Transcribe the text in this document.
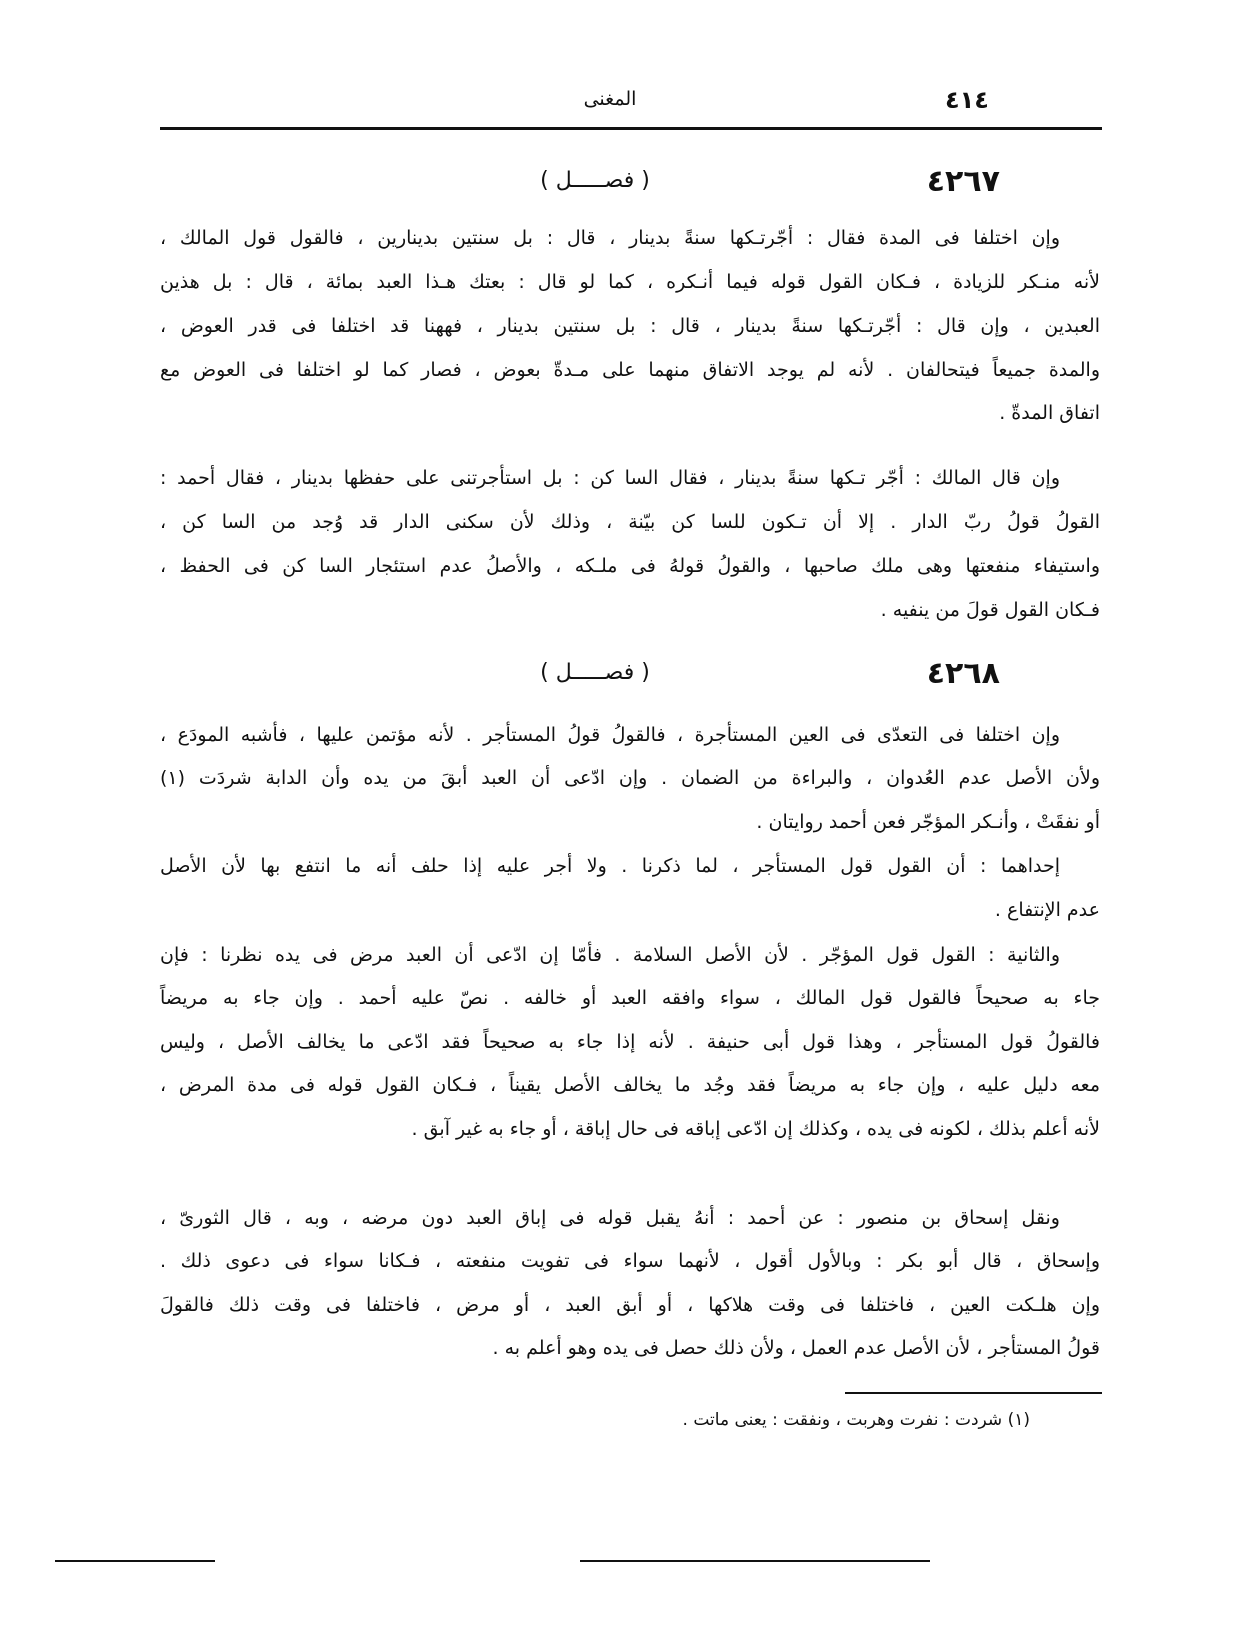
٤١٤
المغنى
٤٢٦٧
( فصـــــل )
وإن اختلفا فى المدة فقال : أجّرتـكها سنةً بدينار ، قال : بل سنتين بدينارين ، فالقول قول المالك ،
لأنه منـكر للزيادة ، فـكان القول قوله فيما أنـكره ، كما لو قال : بعتك هـذا العبد بمائة ، قال : بل هذين
العبدين ، وإن قال : أجّرتـكها سنةً بدينار ، قال : بل سنتين بدينار ، فههنا قد اختلفا فى قدر العوض ،
والمدة جميعاً فيتحالفان . لأنه لم يوجد الاتفاق منهما على مـدةّ بعوض ، فصار كما لو اختلفا فى العوض مع
اتفاق المدةّ .
وإن قال المالك : أجّر تـكها سنةً بدينار ، فقال السا كن : بل استأجرتنى على حفظها بدينار ، فقال أحمد :
القولُ قولُ ربّ الدار . إلا أن تـكون للسا كن بيّنة ، وذلك لأن سكنى الدار قد وُجد من السا كن ،
واستيفاء منفعتها وهى ملك صاحبها ، والقولُ قولهُ فى ملـكه ، والأصلُ عدم استئجار السا كن فى الحفظ ،
فـكان القول قولَ من ينفيه .
٤٢٦٨
( فصـــــل )
وإن اختلفا فى التعدّى فى العين المستأجرة ، فالقولُ قولُ المستأجر . لأنه مؤتمن عليها ، فأشبه المودَع ،
ولأن الأصل عدم العُدوان ، والبراءة من الضمان . وإن ادّعى أن العبد أبقَ من يده وأن الدابة شردَت (١)
أو نفقَتْ ، وأنـكر المؤجّر فعن أحمد روايتان .
إحداهما : أن القول قول المستأجر ، لما ذكرنا . ولا أجر عليه إذا حلف أنه ما انتفع بها لأن الأصل
عدم الإنتفاع .
والثانية : القول قول المؤجّر . لأن الأصل السلامة . فأمّا إن ادّعى أن العبد مرض فى يده نظرنا : فإن
جاء به صحيحاً فالقول قول المالك ، سواء وافقه العبد أو خالفه . نصّ عليه أحمد . وإن جاء به مريضاً
فالقولُ قول المستأجر ، وهذا قول أبى حنيفة . لأنه إذا جاء به صحيحاً فقد ادّعى ما يخالف الأصل ، وليس
معه دليل عليه ، وإن جاء به مريضاً فقد وجُد ما يخالف الأصل يقيناً ، فـكان القول قوله فى مدة المرض ،
لأنه أعلم بذلك ، لكونه فى يده ، وكذلك إن ادّعى إباقه فى حال إباقة ، أو جاء به غير آبق .
ونقل إسحاق بن منصور : عن أحمد : أنهُ يقبل قوله فى إباق العبد دون مرضه ، وبه ، قال الثورىّ ،
وإسحاق ، قال أبو بكر : وبالأول أقول ، لأنهما سواء فى تفويت منفعته ، فـكانا سواء فى دعوى ذلك .
وإن هلـكت العين ، فاختلفا فى وقت هلاكها ، أو أبق العبد ، أو مرض ، فاختلفا فى وقت ذلك فالقولَ
قولُ المستأجر ، لأن الأصل عدم العمل ، ولأن ذلك حصل فى يده وهو أعلم به .
(١) شردت : نفرت وهربت ، ونفقت : يعنى ماتت .
